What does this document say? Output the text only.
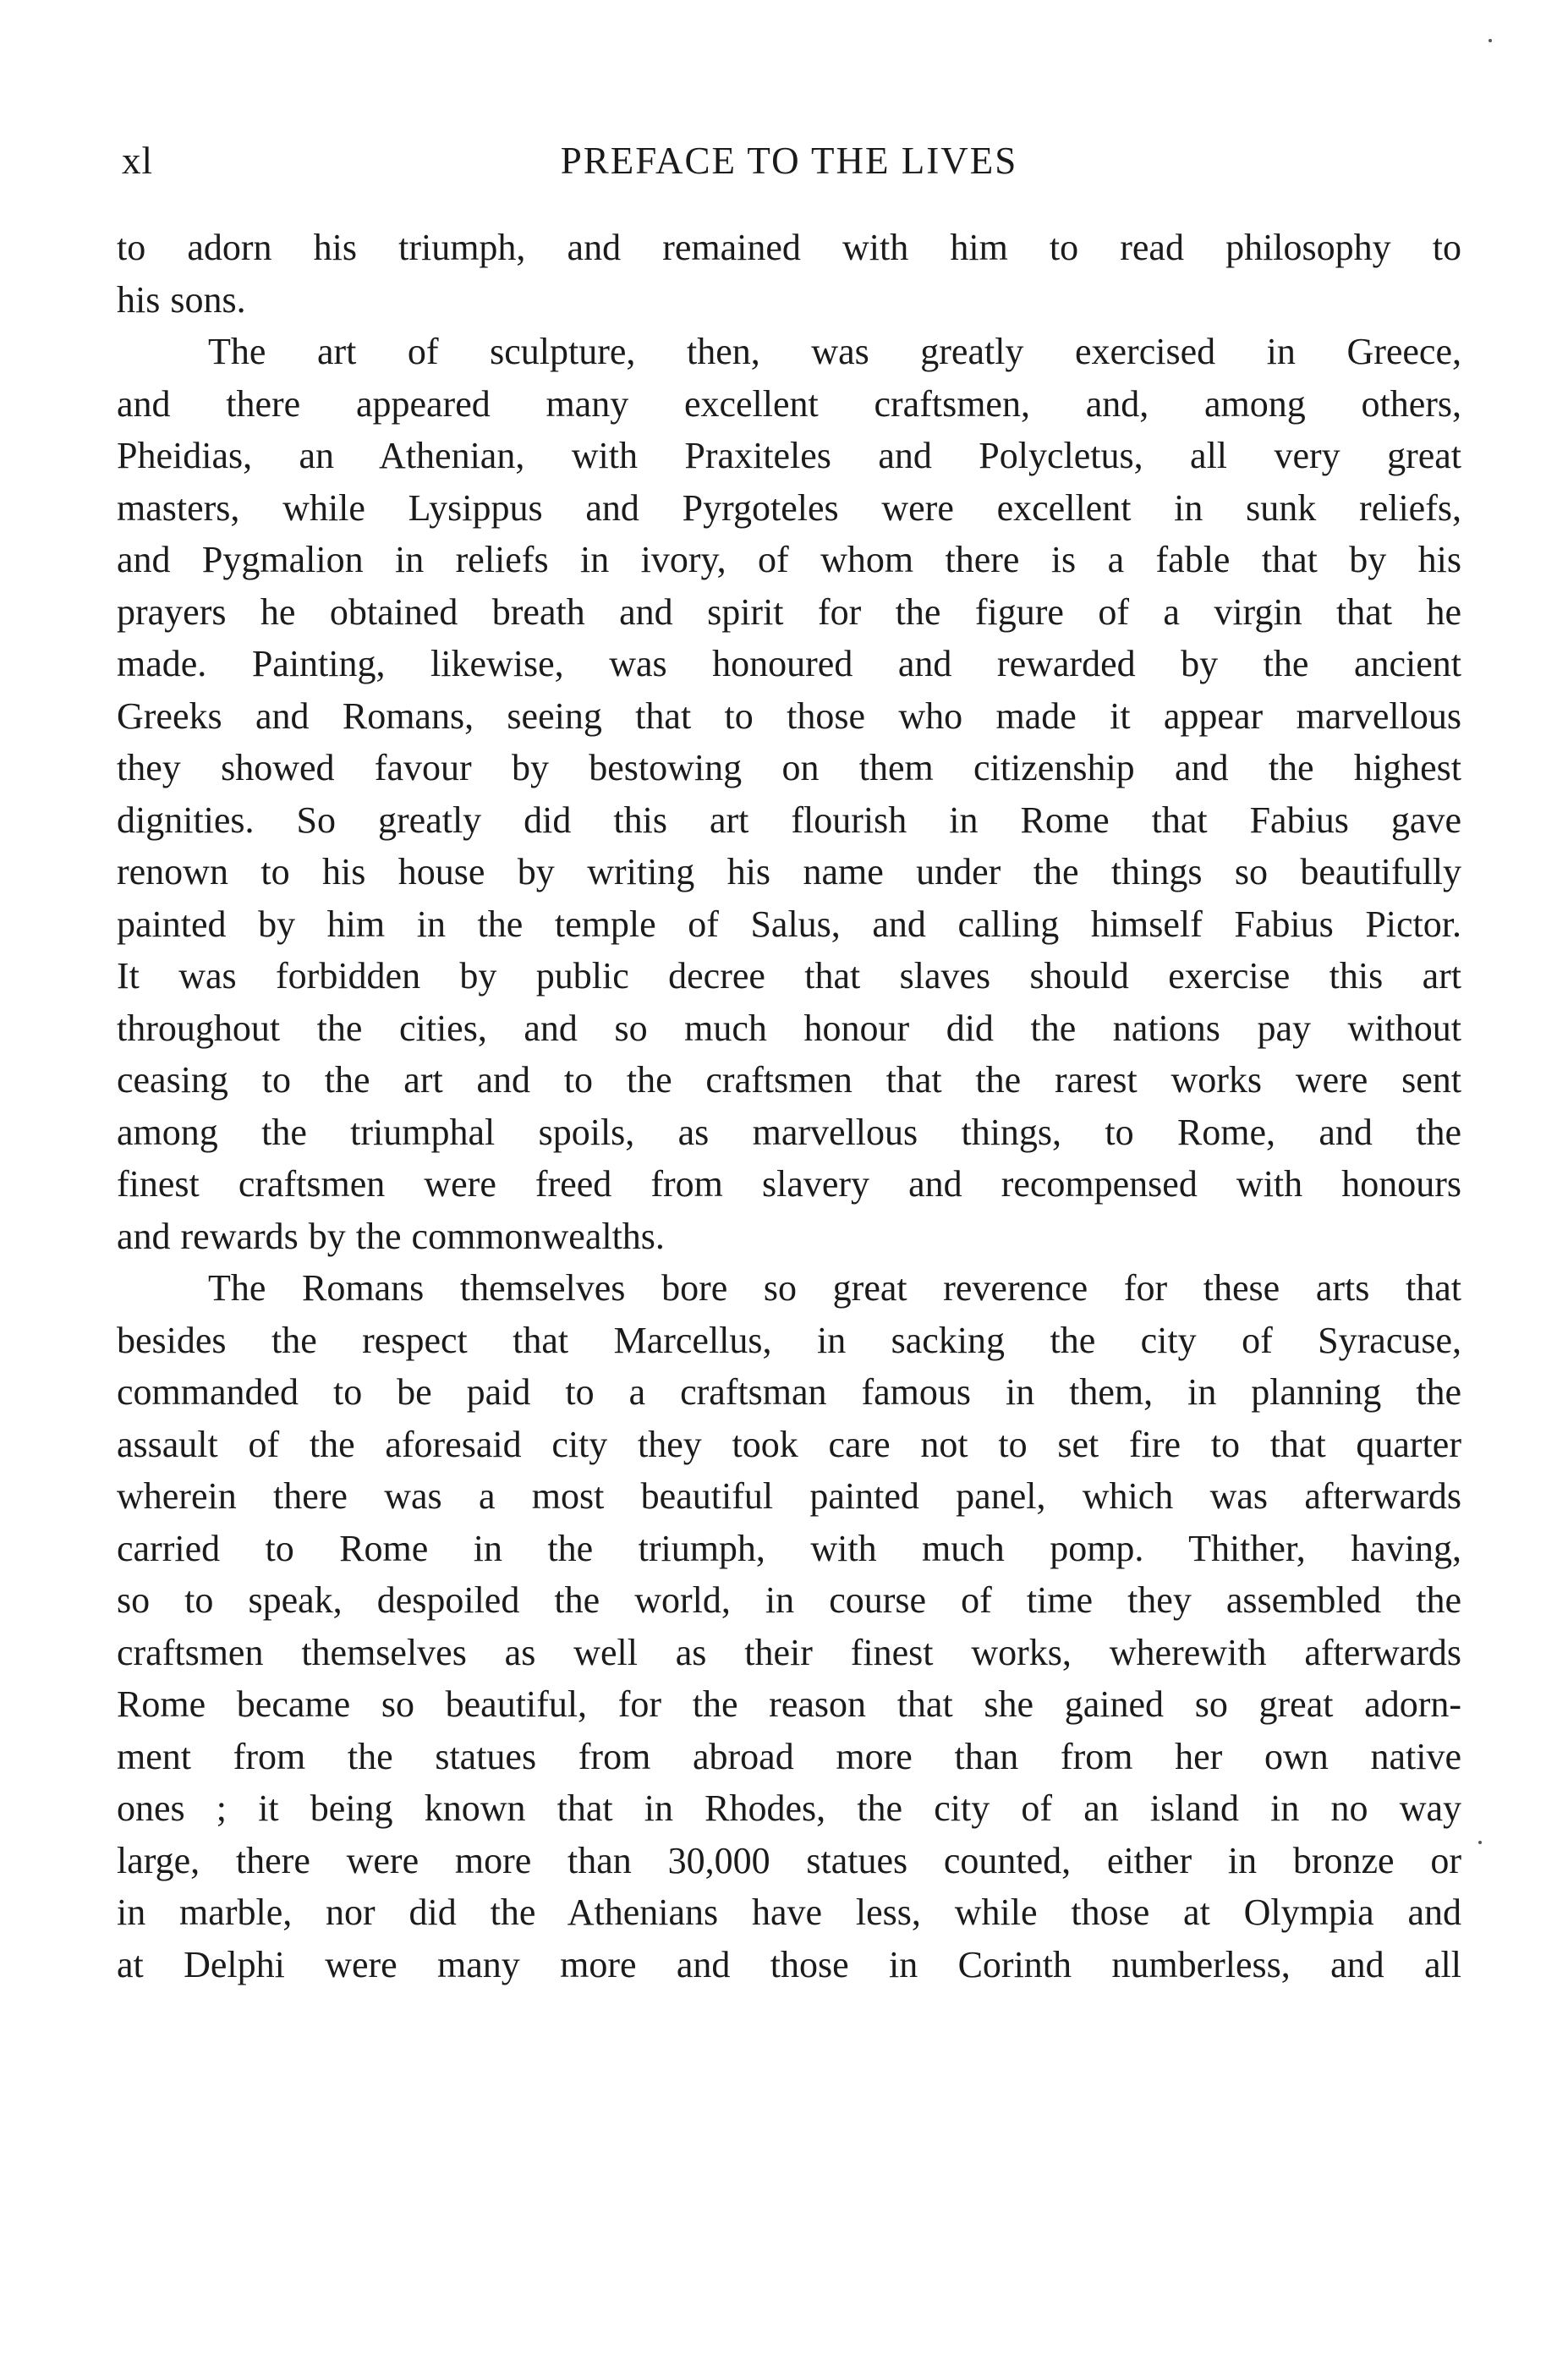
xl	PREFACE TO THE LIVES
to adorn his triumph, and remained with him to read philosophy to
his sons.
The art of sculpture, then, was greatly exercised in Greece,
and there appeared many excellent craftsmen, and, among others,
Pheidias, an Athenian, with Praxiteles and Polycletus, all very great
masters, while Lysippus and Pyrgoteles were excellent in sunk reliefs,
and Pygmalion in reliefs in ivory, of whom there is a fable that by his
prayers he obtained breath and spirit for the figure of a virgin that he
made. Painting, likewise, was honoured and rewarded by the ancient
Greeks and Romans, seeing that to those who made it appear marvellous
they showed favour by bestowing on them citizenship and the highest
dignities. So greatly did this art flourish in Rome that Fabius gave
renown to his house by writing his name under the things so beautifully
painted by him in the temple of Salus, and calling himself Fabius Pictor.
It was forbidden by public decree that slaves should exercise this art
throughout the cities, and so much honour did the nations pay without
ceasing to the art and to the craftsmen that the rarest works were sent
among the triumphal spoils, as marvellous things, to Rome, and the
finest craftsmen were freed from slavery and recompensed with honours
and rewards by the commonwealths.
The Romans themselves bore so great reverence for these arts that
besides the respect that Marcellus, in sacking the city of Syracuse,
commanded to be paid to a craftsman famous in them, in planning the
assault of the aforesaid city they took care not to set fire to that quarter
wherein there was a most beautiful painted panel, which was afterwards
carried to Rome in the triumph, with much pomp. Thither, having,
so to speak, despoiled the world, in course of time they assembled the
craftsmen themselves as well as their finest works, wherewith afterwards
Rome became so beautiful, for the reason that she gained so great adorn-
ment from the statues from abroad more than from her own native
ones ; it being known that in Rhodes, the city of an island in no way
large, there were more than 30,000 statues counted, either in bronze or
in marble, nor did the Athenians have less, while those at Olympia and
at Delphi were many more and those in Corinth numberless, and all
